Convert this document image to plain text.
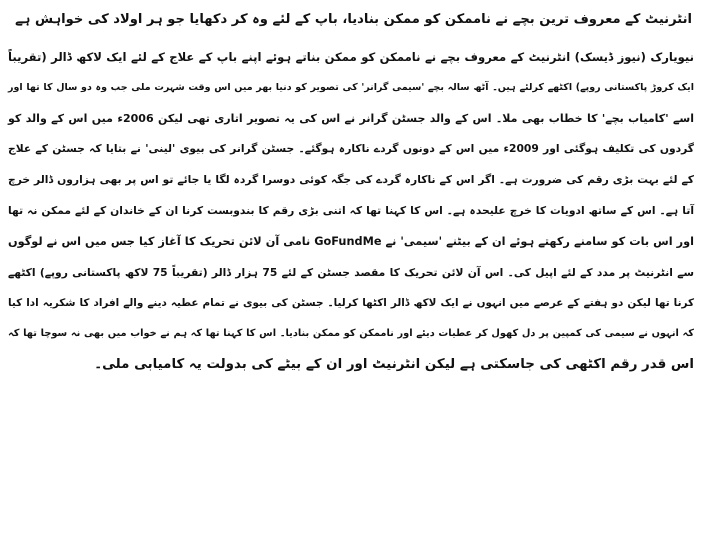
انٹرنیٹ کے معروف ترین بچے نے ناممکن کو ممکن بنادیا، باپ کے لئے وہ کر دکھایا جو ہر اولاد کی خواہش ہے
نیویارک (نیوز ڈیسک) انٹرنیٹ کے معروف بچے نے ناممکن کو ممکن بناتے ہوئے اپنے باپ کے علاج کے لئے ایک لاکھ ڈالر (تقریباً
ایک کروڑ پاکستانی روپے) اکٹھے کرلئے ہیں۔ آٹھ سالہ بچے 'سیمی گرانر' کی تصویر کو دنیا بھر میں اس وقت شہرت ملی جب وہ دو سال کا تھا اور
اسے 'کامیاب بچے' کا خطاب بھی ملا۔ اس کے والد جسٹن گرانر نے اس کی یہ تصویر اتاری تھی لیکن 2006ء میں اس کے والد کو
گردوں کی تکلیف ہوگئی اور 2009ء میں اس کے دونوں گردے ناکارہ ہوگئے۔ جسٹن گرانر کی بیوی 'لینی' نے بتایا کہ جسٹن کے علاج
کے لئے بہت بڑی رقم کی ضرورت ہے۔ اگر اس کے ناکارہ گردے کی جگہ کوئی دوسرا گردہ لگا یا جائے تو اس پر بھی ہزاروں ڈالر خرچ
آتا ہے۔ اس کے ساتھ ادویات کا خرچ علیحدہ ہے۔ اس کا کہنا تھا کہ اتنی بڑی رقم کا بندوبست کرنا ان کے خاندان کے لئے ممکن نہ تھا
اور اس بات کو سامنے رکھتے ہوئے ان کے بیٹنے 'سیمی' نے GoFundMe نامی آن لائن تحریک کا آغاز کیا جس میں اس نے لوگوں
سے انٹرنیٹ پر مدد کے لئے اپیل کی۔ اس آن لائن تحریک کا مقصد جسٹن کے لئے 75 ہزار ڈالر (تقریباً 75 لاکھ پاکستانی روپے) اکٹھے
کرنا تھا لیکن دو ہفتے کے عرصے میں انہوں نے ایک لاکھ ڈالر اکٹھا کرلیا۔ جسٹن کی بیوی نے تمام عطیہ دینے والے افراد کا شکریہ ادا کیا
کہ انہوں نے سیمی کی کمپین پر دل کھول کر عطیات دیئے اور ناممکن کو ممکن بنادیا۔ اس کا کہنا تھا کہ ہم نے خواب میں بھی نہ سوچا تھا کہ
اس قدر رقم اکٹھی کی جاسکتی ہے لیکن انٹرنیٹ اور ان کے بیٹے کی بدولت یہ کامیابی ملی۔
